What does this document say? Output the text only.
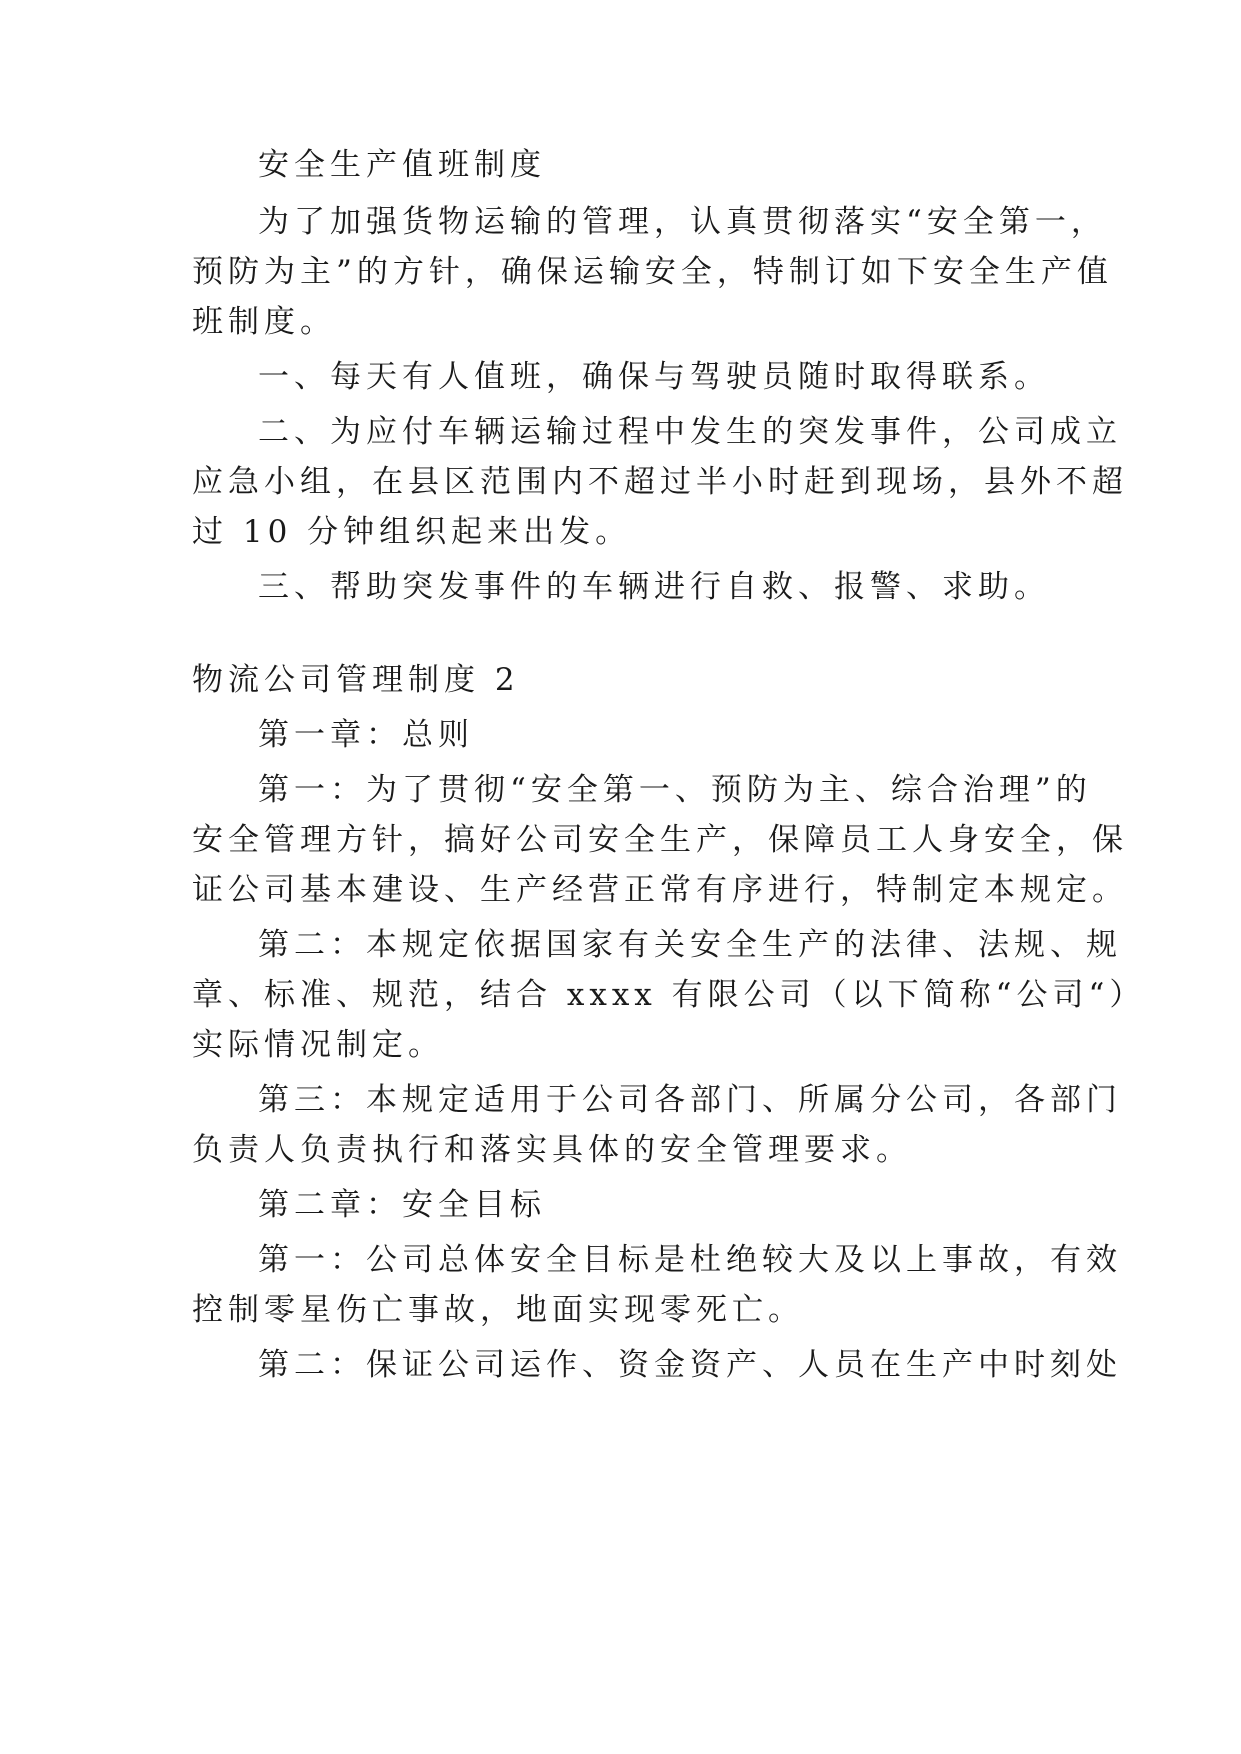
安全生产值班制度
为了加强货物运输的管理，认真贯彻落实“安全第一，
预防为主”的方针，确保运输安全，特制订如下安全生产值
班制度。
一、每天有人值班，确保与驾驶员随时取得联系。
二、为应付车辆运输过程中发生的突发事件，公司成立
应急小组，在县区范围内不超过半小时赶到现场，县外不超
过 10 分钟组织起来出发。
三、帮助突发事件的车辆进行自救、报警、求助。
物流公司管理制度 2
第一章：总则
第一：为了贯彻“安全第一、预防为主、综合治理”的
安全管理方针，搞好公司安全生产，保障员工人身安全，保
证公司基本建设、生产经营正常有序进行，特制定本规定。
第二：本规定依据国家有关安全生产的法律、法规、规
章、标准、规范，结合 xxxx 有限公司（以下简称“公司“）
实际情况制定。
第三：本规定适用于公司各部门、所属分公司，各部门
负责人负责执行和落实具体的安全管理要求。
第二章：安全目标
第一：公司总体安全目标是杜绝较大及以上事故，有效
控制零星伤亡事故，地面实现零死亡。
第二：保证公司运作、资金资产、人员在生产中时刻处
